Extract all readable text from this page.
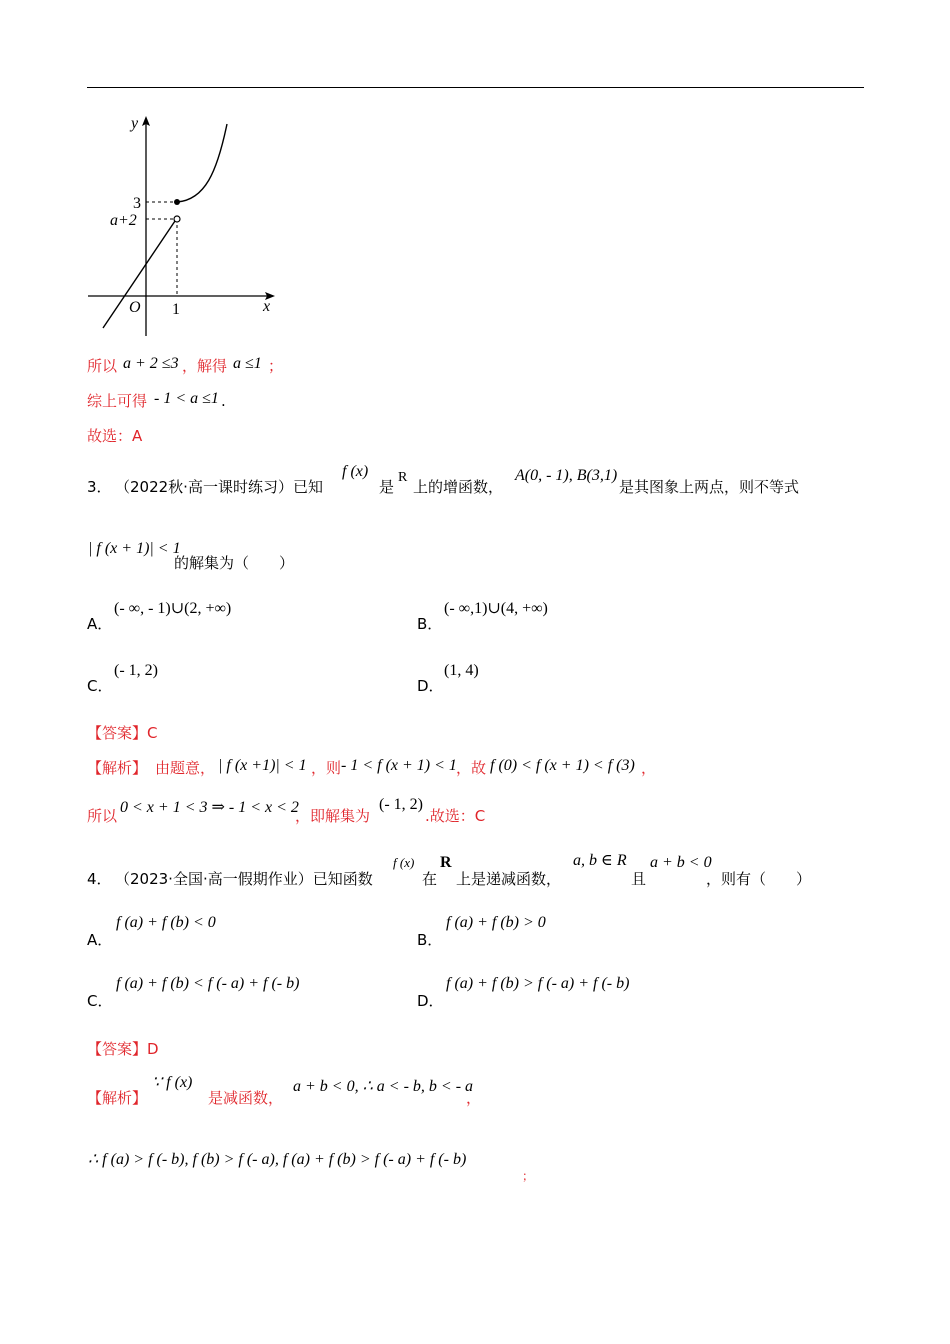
y
x
O 1
3
a+2
所以 a + 2 ≤3 ，解得 a ≤1 ；
综上可得 - 1 < a ≤1 .
故选：A
3． （2022秋·高一课时练习）已知
f (x)
是
R
上的增函数，
A(0, - 1), B(3,1)
是其图象上两点，则不等式
| f (x + 1)| < 1
的解集为（　　）
A．
(- ∞, - 1)∪(2, +∞)
B．
(- ∞,1)∪(4, +∞)
C．
(- 1, 2)
D．
(1, 4)
【答案】C
【解析】 由题意， | f (x +1)| < 1 ，则 - 1 < f (x + 1) < 1 ，故 f (0) < f (x + 1) < f (3) ，
所以 0 < x + 1 < 3 ⇒ - 1 < x < 2
，即解集为
(- 1, 2)
.故选：C
4． （2023·全国·高一假期作业）已知函数
f (x)
在
R
上是递减函数，
a, b ∈ R
且
a + b < 0
，则有（　　）
A．
f (a) + f (b) < 0
B．
f (a) + f (b) > 0
C．
f (a) + f (b) < f (- a) + f (- b)
D．
f (a) + f (b) > f (- a) + f (- b)
【答案】D
【解析】
∵ f (x)
是减函数，
a + b < 0, ∴ a < - b, b < - a
，
∴ f (a) > f (- b), f (b) > f (- a), f (a) + f (b) > f (- a) + f (- b)
；
